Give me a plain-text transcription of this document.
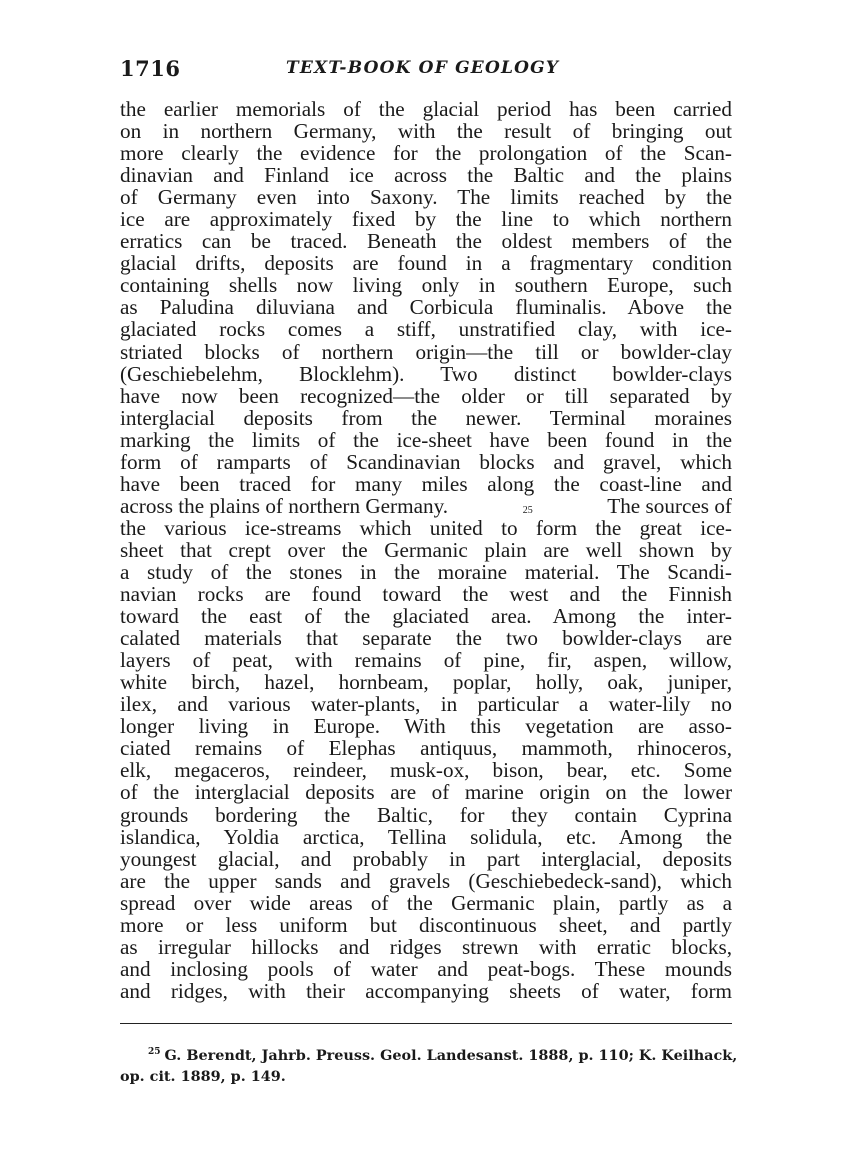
1716	TEXT-BOOK OF GEOLOGY
the earlier memorials of the glacial period has been carried
on in northern Germany, with the result of bringing out
more clearly the evidence for the prolongation of the Scan-
dinavian and Finland ice across the Baltic and the plains
of Germany even into Saxony. The limits reached by the
ice are approximately fixed by the line to which northern
erratics can be traced. Beneath the oldest members of the
glacial drifts, deposits are found in a fragmentary condition
containing shells now living only in southern Europe, such
as Paludina diluviana and Corbicula fluminalis. Above the
glaciated rocks comes a stiff, unstratified clay, with ice-
striated blocks of northern origin—the till or bowlder-clay
(Geschiebelehm, Blocklehm). Two distinct bowlder-clays
have now been recognized—the older or till separated by
interglacial deposits from the newer. Terminal moraines
marking the limits of the ice-sheet have been found in the
form of ramparts of Scandinavian blocks and gravel, which
have been traced for many miles along the coast-line and
across the plains of northern Germany.	25	The sources of
the various ice-streams which united to form the great ice-
sheet that crept over the Germanic plain are well shown by
a study of the stones in the moraine material. The Scandi-
navian rocks are found toward the west and the Finnish
toward the east of the glaciated area. Among the inter-
calated materials that separate the two bowlder-clays are
layers of peat, with remains of pine, fir, aspen, willow,
white birch, hazel, hornbeam, poplar, holly, oak, juniper,
ilex, and various water-plants, in particular a water-lily no
longer living in Europe. With this vegetation are asso-
ciated remains of Elephas antiquus, mammoth, rhinoceros,
elk, megaceros, reindeer, musk-ox, bison, bear, etc. Some
of the interglacial deposits are of marine origin on the lower
grounds bordering the Baltic, for they contain Cyprina
islandica, Yoldia arctica, Tellina solidula, etc. Among the
youngest glacial, and probably in part interglacial, deposits
are the upper sands and gravels (Geschiebedeck-sand), which
spread over wide areas of the Germanic plain, partly as a
more or less uniform but discontinuous sheet, and partly
as irregular hillocks and ridges strewn with erratic blocks,
and inclosing pools of water and peat-bogs. These mounds
and ridges, with their accompanying sheets of water, form
$^{25}$ G. Berendt, Jahrb. Preuss. Geol. Landesanst. 1888, p. 110; K. Keilhack,
op. cit. 1889, p. 149.
